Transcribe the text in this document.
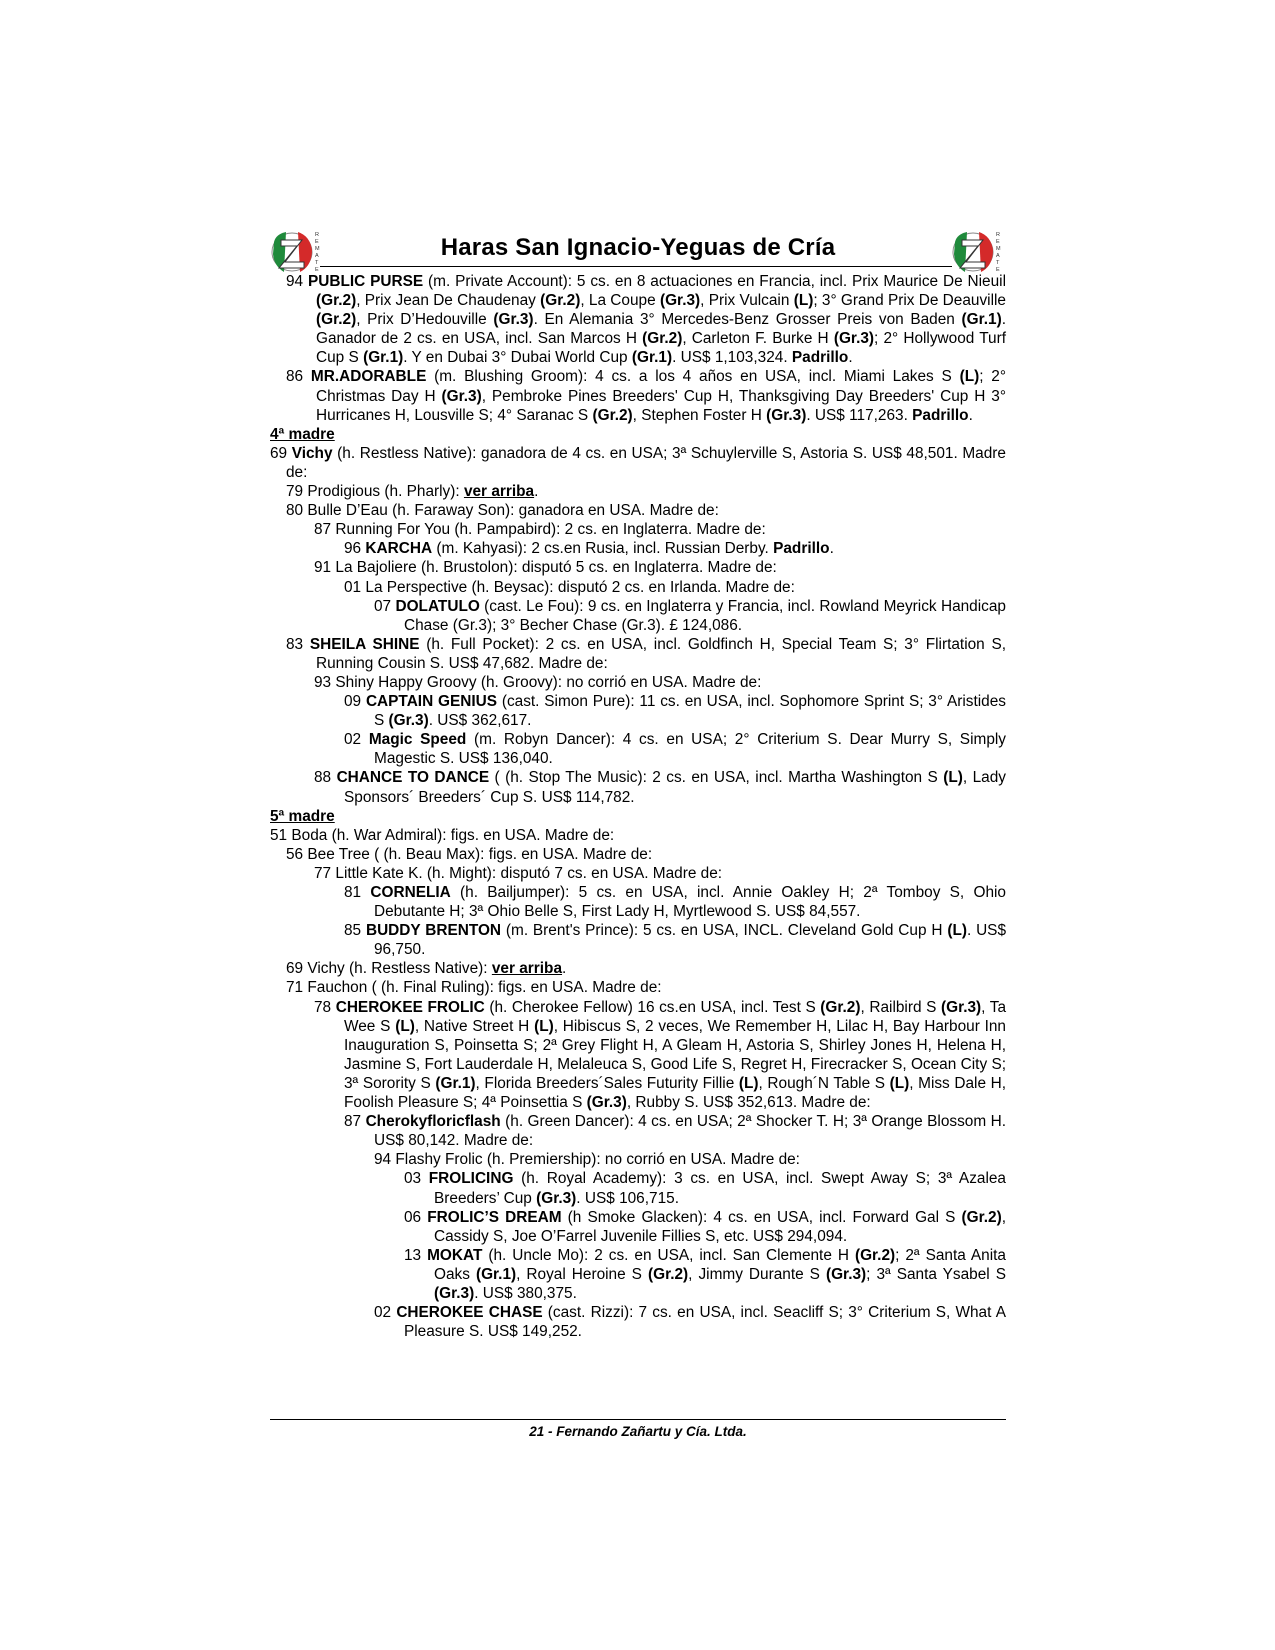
R
E
M
A
T
E
Haras San Ignacio-Yeguas de Cría	R
E
M
A
T
E
94 PUBLIC PURSE (m. Private Account): 5 cs. en 8 actuaciones en Francia, incl. Prix Maurice De Nieuil (Gr.2), Prix Jean De Chaudenay (Gr.2), La Coupe (Gr.3), Prix Vulcain (L); 3° Grand Prix De Deauville (Gr.2), Prix D’Hedouville (Gr.3). En Alemania 3° Mercedes-Benz Grosser Preis von Baden (Gr.1). Ganador de 2 cs. en USA, incl. San Marcos H (Gr.2), Carleton F. Burke H (Gr.3); 2° Hollywood Turf Cup S (Gr.1). Y en Dubai 3° Dubai World Cup (Gr.1). US$ 1,103,324. Padrillo.
86 MR.ADORABLE (m. Blushing Groom): 4 cs. a los 4 años en USA, incl. Miami Lakes S (L); 2° Christmas Day H (Gr.3), Pembroke Pines Breeders' Cup H, Thanksgiving Day Breeders' Cup H 3° Hurricanes H, Lousville S; 4° Saranac S (Gr.2), Stephen Foster H (Gr.3). US$ 117,263. Padrillo.
4ª madre
69 Vichy (h. Restless Native): ganadora de 4 cs. en USA; 3ª Schuylerville S, Astoria S. US$ 48,501. Madre de:
79 Prodigious (h. Pharly): ver arriba.
80 Bulle D’Eau (h. Faraway Son): ganadora en USA. Madre de:
87 Running For You (h. Pampabird): 2 cs. en Inglaterra. Madre de:
96 KARCHA (m. Kahyasi): 2 cs.en Rusia, incl. Russian Derby. Padrillo.
91 La Bajoliere (h. Brustolon): disputó 5 cs. en Inglaterra. Madre de:
01 La Perspective (h. Beysac): disputó 2 cs. en Irlanda. Madre de:
07 DOLATULO (cast. Le Fou): 9 cs. en Inglaterra y Francia, incl. Rowland Meyrick Handicap Chase (Gr.3); 3° Becher Chase (Gr.3). £ 124,086.
83 SHEILA SHINE (h. Full Pocket): 2 cs. en USA, incl. Goldfinch H, Special Team S; 3° Flirtation S, Running Cousin S. US$ 47,682. Madre de:
93 Shiny Happy Groovy (h. Groovy): no corrió en USA. Madre de:
09 CAPTAIN GENIUS (cast. Simon Pure): 11 cs. en USA, incl. Sophomore Sprint S; 3° Aristides S (Gr.3). US$ 362,617.
02 Magic Speed (m. Robyn Dancer): 4 cs. en USA; 2° Criterium S. Dear Murry S, Simply Magestic S. US$ 136,040.
88 CHANCE TO DANCE ( (h. Stop The Music): 2 cs. en USA, incl. Martha Washington S (L), Lady Sponsors´ Breeders´ Cup S. US$ 114,782.
5ª madre
51 Boda (h. War Admiral): figs. en USA. Madre de:
56 Bee Tree ( (h. Beau Max): figs. en USA. Madre de:
77 Little Kate K. (h. Might): disputó 7 cs. en USA. Madre de:
81 CORNELIA (h. Bailjumper): 5 cs. en USA, incl. Annie Oakley H; 2ª Tomboy S, Ohio Debutante H; 3ª Ohio Belle S, First Lady H, Myrtlewood S. US$ 84,557.
85 BUDDY BRENTON (m. Brent's Prince): 5 cs. en USA, INCL. Cleveland Gold Cup H (L). US$ 96,750.
69 Vichy (h. Restless Native): ver arriba.
71 Fauchon ( (h. Final Ruling): figs. en USA. Madre de:
78 CHEROKEE FROLIC (h. Cherokee Fellow) 16 cs.en USA, incl. Test S (Gr.2), Railbird S (Gr.3), Ta Wee S (L), Native Street H (L), Hibiscus S, 2 veces, We Remember H, Lilac H, Bay Harbour Inn Inauguration S, Poinsetta S; 2ª Grey Flight H, A Gleam H, Astoria S, Shirley Jones H, Helena H, Jasmine S, Fort Lauderdale H, Melaleuca S, Good Life S, Regret H, Firecracker S, Ocean City S; 3ª Sorority S (Gr.1), Florida Breeders´Sales Futurity Fillie (L), Rough´N Table S (L), Miss Dale H, Foolish Pleasure S; 4ª Poinsettia S (Gr.3), Rubby S. US$ 352,613. Madre de:
87 Cherokyfloricflash (h. Green Dancer): 4 cs. en USA; 2ª Shocker T. H; 3ª Orange Blossom H. US$ 80,142. Madre de:
94 Flashy Frolic (h. Premiership): no corrió en USA. Madre de:
03 FROLICING (h. Royal Academy): 3 cs. en USA, incl. Swept Away S; 3ª Azalea Breeders’ Cup (Gr.3). US$ 106,715.
06 FROLIC’S DREAM (h Smoke Glacken): 4 cs. en USA, incl. Forward Gal S (Gr.2), Cassidy S, Joe O’Farrel Juvenile Fillies S, etc. US$ 294,094.
13 MOKAT (h. Uncle Mo): 2 cs. en USA, incl. San Clemente H (Gr.2); 2ª Santa Anita Oaks (Gr.1), Royal Heroine S (Gr.2), Jimmy Durante S (Gr.3); 3ª Santa Ysabel S (Gr.3). US$ 380,375.
02 CHEROKEE CHASE (cast. Rizzi): 7 cs. en USA, incl. Seacliff S; 3° Criterium S, What A Pleasure S. US$ 149,252.
21 - Fernando Zañartu y Cía. Ltda.
